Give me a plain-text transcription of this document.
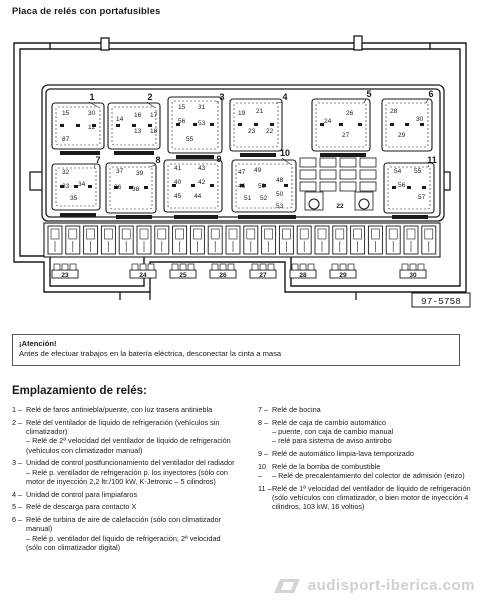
Placa de relés con portafusibles
1	2	3	4	5	6
7	8	9
10
11
15	30
12
87
14
16 17
13 18
15 31
56 53
55
19 21
23 22
24
26
27
28
30
29
32
34
33
35
37 39
36 38
41	43
40	42
45 44
47 49
46 59
48
50
51 52
53
54 55
56
57
23	24	25	26	27	28	29	30
22
97-5758
¡Atención!
Antes de efectuar trabajos en la batería eléctrica, desconectar la cinta a masa
Emplazamiento de relés:
1 – Relé de faros antiniebla/puente, con luz trasera antiniebla
2 – Relé del ventilador de líquido de refrigeración (vehículos sin climatizador)
– Relé de 2ª velocidad del ventilador de líquido de refrigeración (vehículos con climatizador manual)
3 – Unidad de control postfuncionamiento del ventilador del radiador
– Relé p. ventilador de refrigeración p. los inyectores (sólo con motor de inyección 2,2 ltr./100 kW, K-Jetronic – 5 cilindros)
4 – Unidad de control para limpiafaros
5 – Relé de descarga para contacto X
6 – Relé de turbina de aire de calefacción (sólo con climatizador manual)
– Relé p. ventilador del líquido de refrigeración, 2ª velocidad (sólo con climatizador digital)
7 – Relé de bocina
8 – Relé de caja de cambio automático
– puente, con caja de cambio manual
– relé para sistema de aviso antirobo
9 – Relé de automático limpia-lava temporizado
10 –
Relé de la bomba de combustible
– Relé de precalentamiento del colector de admisión (erizo)
11 – Relé de 1ª velocidad del ventilador de líquido de refrigeración (sólo vehículos con climatizador, o bien motor de inyección 4 cilindros, 103 kW, 16 voltios)
audisport-iberica.com
